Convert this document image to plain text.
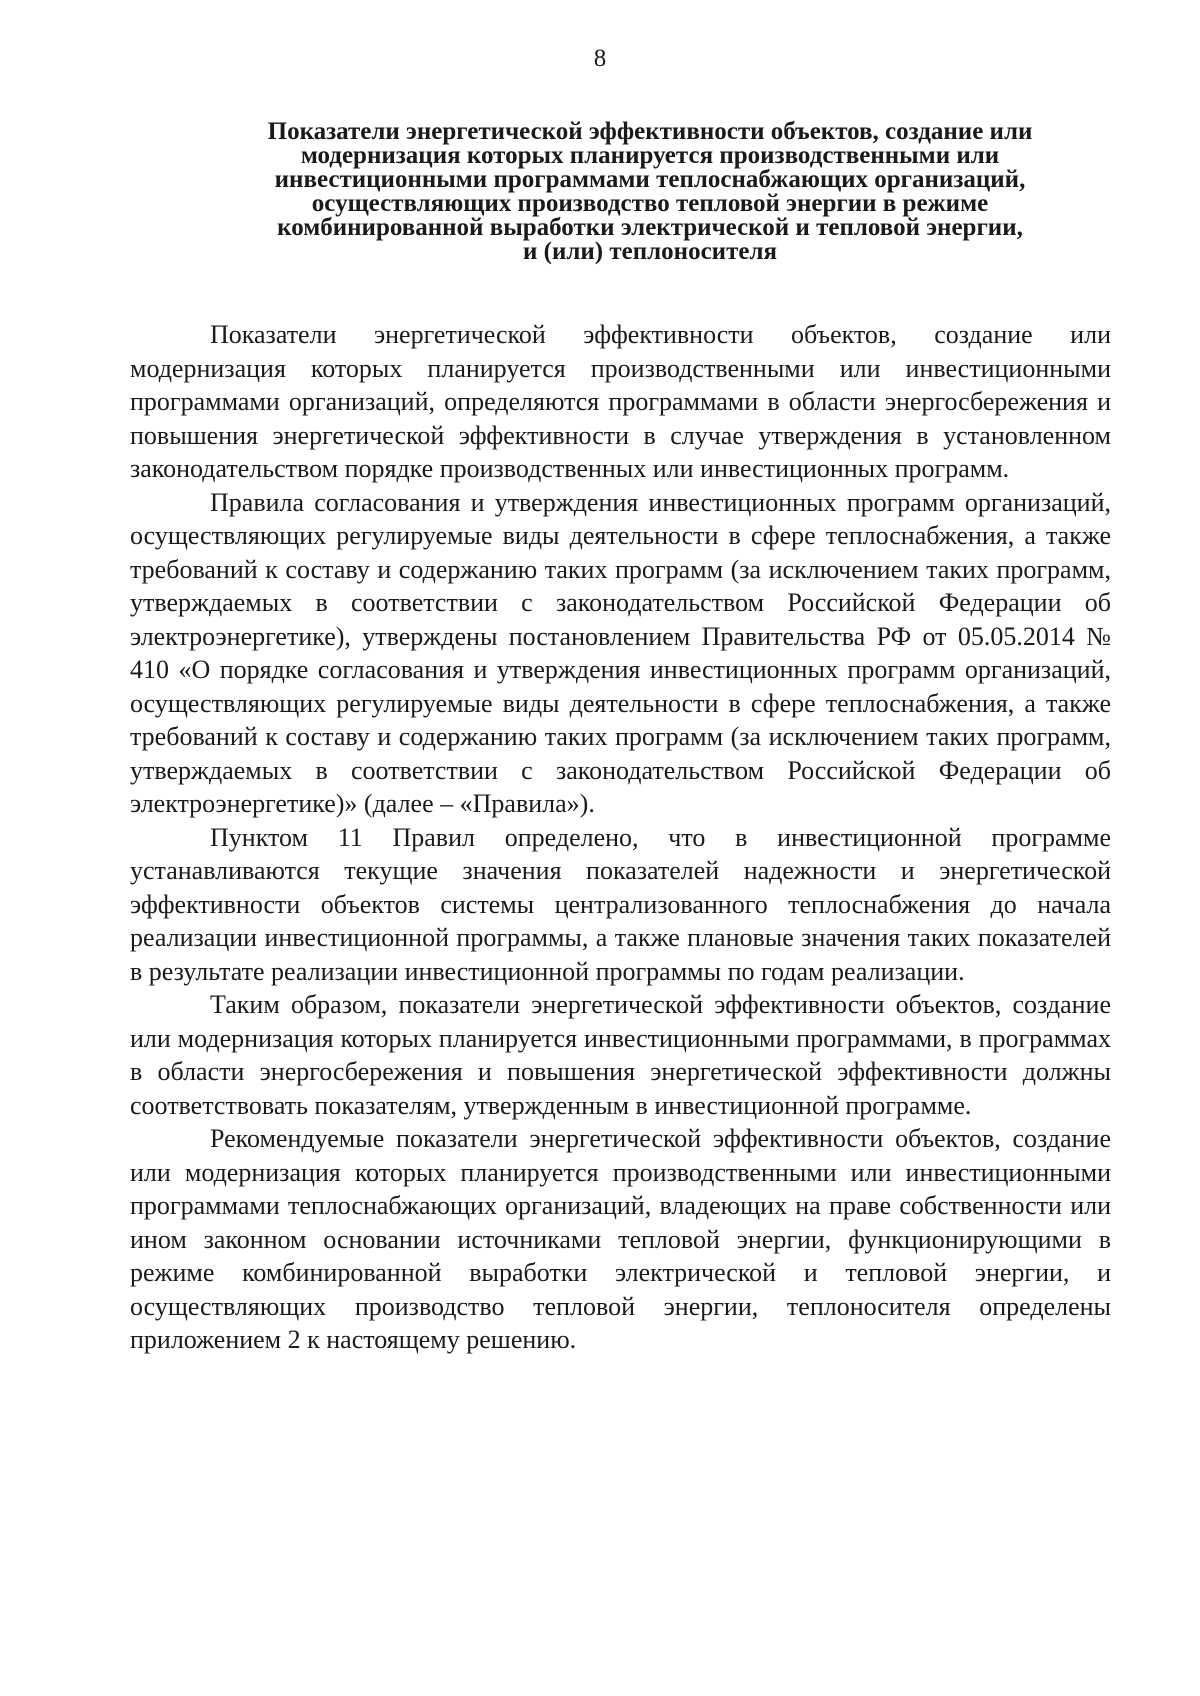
8
Показатели энергетической эффективности объектов, создание или
модернизация которых планируется производственными или
инвестиционными программами теплоснабжающих организаций,
осуществляющих производство тепловой энергии в режиме
комбинированной выработки электрической и тепловой энергии,
и (или) теплоносителя

Показатели энергетической эффективности объектов, создание или модернизация которых планируется производственными или инвестиционными программами организаций, определяются программами в области энергосбережения и повышения энергетической эффективности в случае утверждения в установленном законодательством порядке производственных или инвестиционных программ.

Правила согласования и утверждения инвестиционных программ организаций, осуществляющих регулируемые виды деятельности в сфере теплоснабжения, а также требований к составу и содержанию таких программ (за исключением таких программ, утверждаемых в соответствии с законодательством Российской Федерации об электроэнергетике), утверждены постановлением Правительства РФ от 05.05.2014 № 410 «О порядке согласования и утверждения инвестиционных программ организаций, осуществляющих регулируемые виды деятельности в сфере теплоснабжения, а также требований к составу и содержанию таких программ (за исключением таких программ, утверждаемых в соответствии с законодательством Российской Федерации об электроэнергетике)» (далее – «Правила»).

Пунктом 11 Правил определено, что в инвестиционной программе устанавливаются текущие значения показателей надежности и энергетической эффективности объектов системы централизованного теплоснабжения до начала реализации инвестиционной программы, а также плановые значения таких показателей в результате реализации инвестиционной программы по годам реализации.

Таким образом, показатели энергетической эффективности объектов, создание или модернизация которых планируется инвестиционными программами, в программах в области энергосбережения и повышения энергетической эффективности должны соответствовать показателям, утвержденным в инвестиционной программе.

Рекомендуемые показатели энергетической эффективности объектов, создание или модернизация которых планируется производственными или инвестиционными программами теплоснабжающих организаций, владеющих на праве собственности или ином законном основании источниками тепловой энергии, функционирующими в режиме комбинированной выработки электрической и тепловой энергии, и осуществляющих производство тепловой энергии, теплоносителя определены приложением 2 к настоящему решению.
